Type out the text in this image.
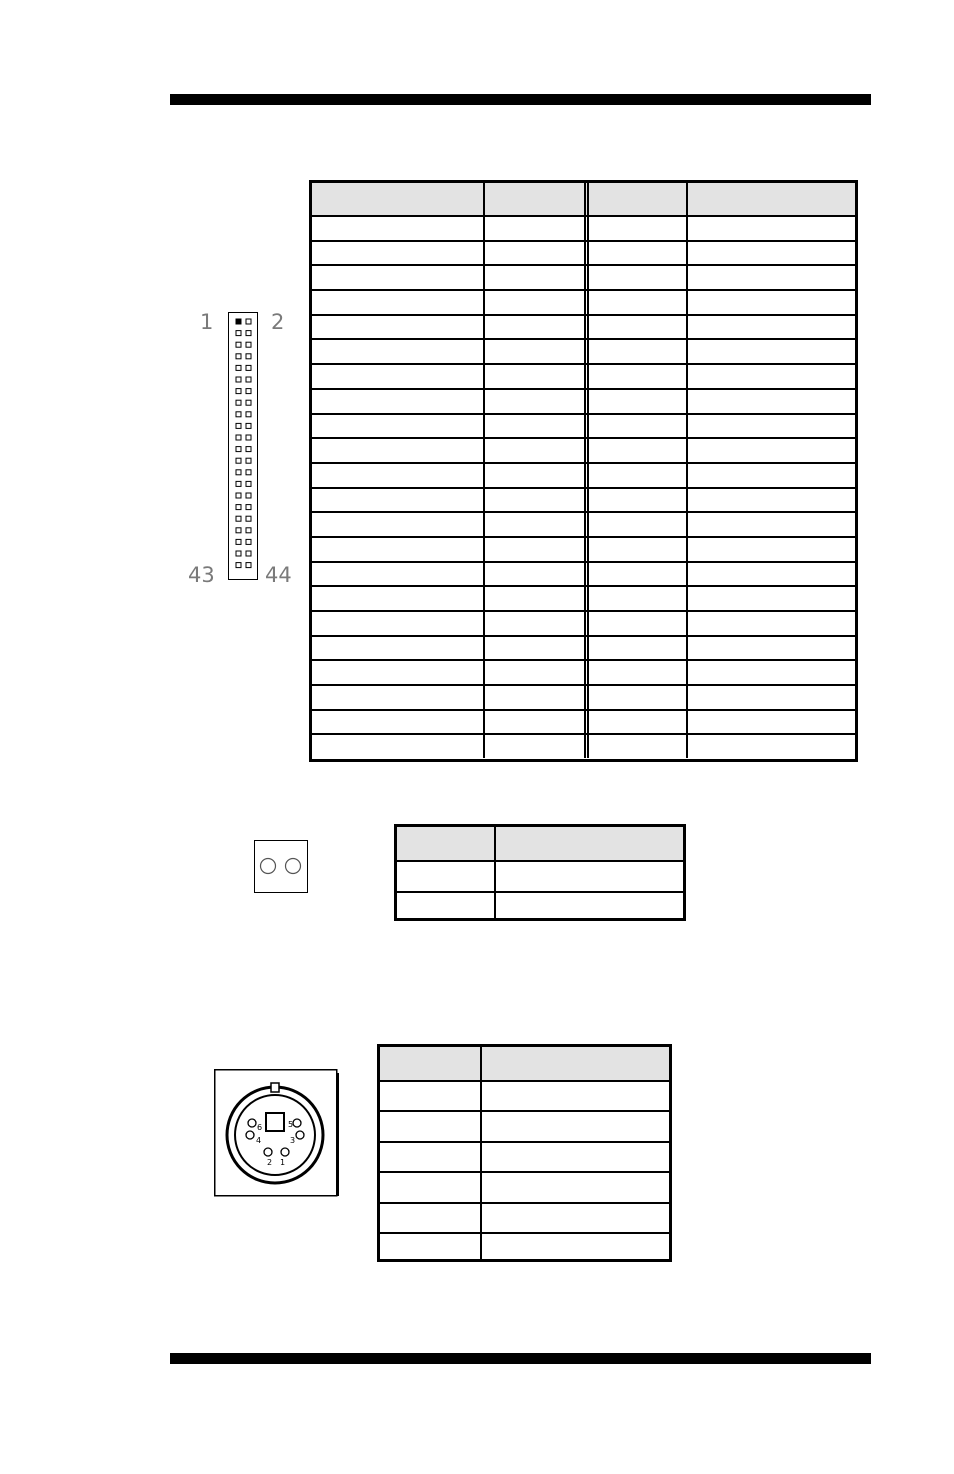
1	2
43 44
1
2
3
4
5
6
